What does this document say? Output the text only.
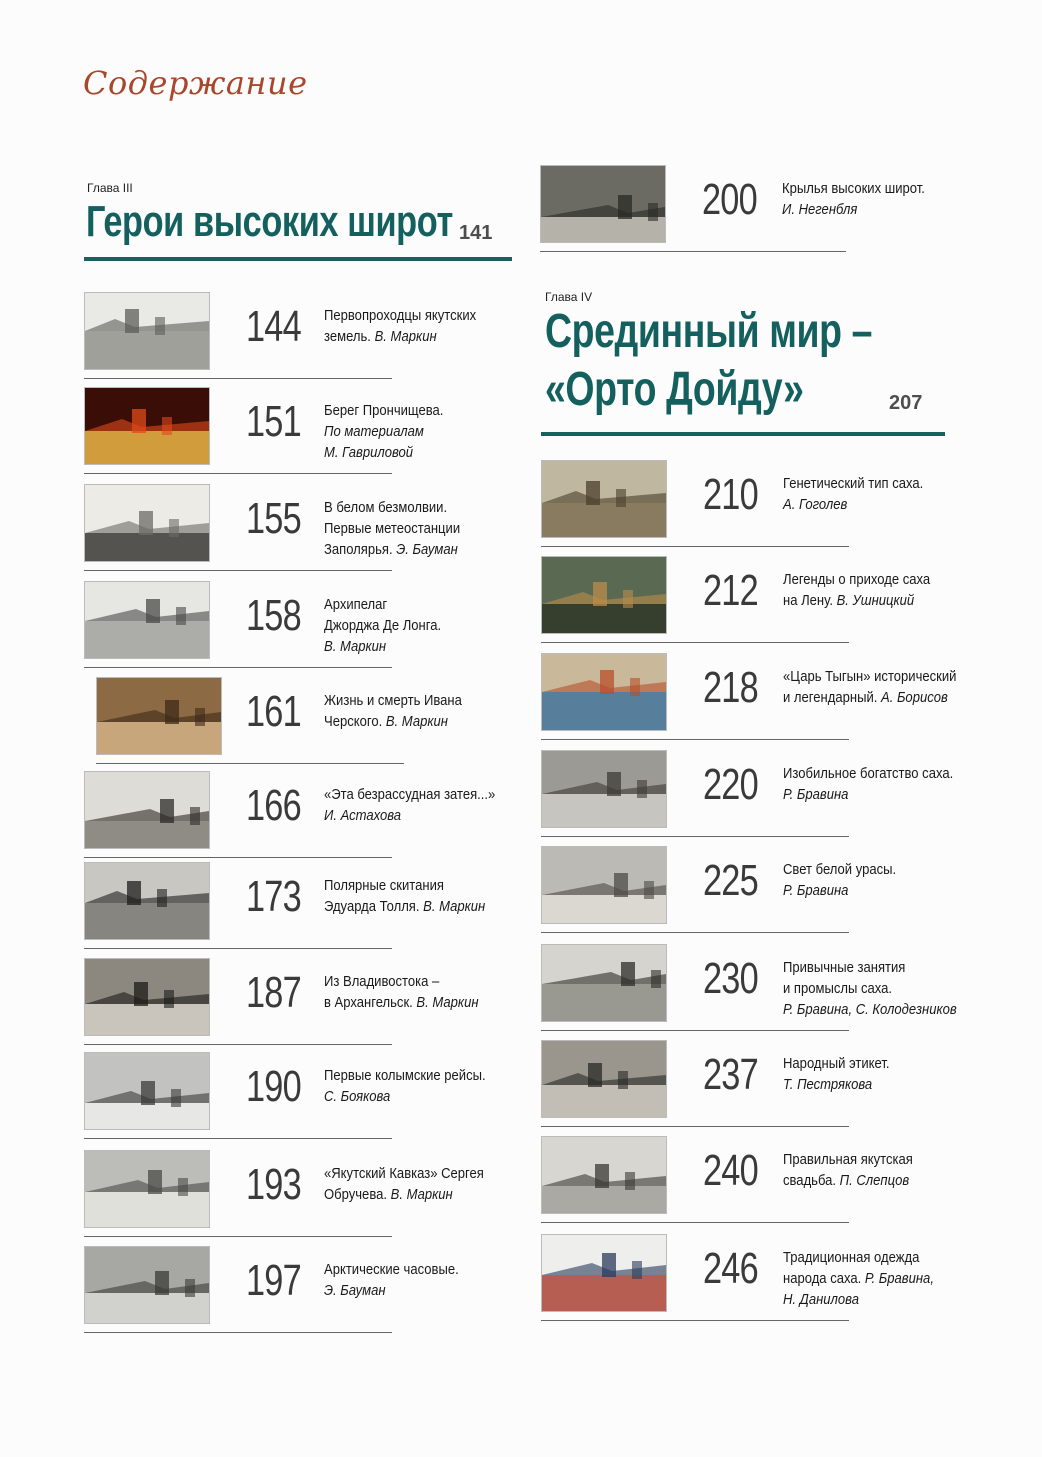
Содержание
Глава III
Герои высоких широт 141
Глава IV
Срединный мир –
«Орто Дойду»	207
144 Первопроходцы якутских
земель. В. Маркин
151 Берег Прончищева.
По материалам
М. Гавриловой
155 В белом безмолвии.
Первые метеостанции
Заполярья. Э. Бауман
158 Архипелаг
Джорджа Де Лонга.
В. Маркин
161 Жизнь и смерть Ивана
Черского. В. Маркин
166 «Эта безрассудная затея...»
И. Астахова
173 Полярные скитания
Эдуарда Толля. В. Маркин
187 Из Владивостока –
в Архангельск. В. Маркин
190 Первые колымские рейсы.
С. Боякова
193 «Якутский Кавказ» Сергея
Обручева. В. Маркин
197 Арктические часовые.
Э. Бауман
200 Крылья высоких широт.
И. Негенбля
210 Генетический тип саха.
А. Гоголев
212 Легенды о приходе саха
на Лену. В. Ушницкий
218 «Царь Тыгын» исторический
и легендарный. А. Борисов
220 Изобильное богатство саха.
Р. Бравина
225 Свет белой урасы.
Р. Бравина
230 Привычные занятия
и промыслы саха.
Р. Бравина, С. Колодезников
237 Народный этикет.
Т. Пестрякова
240 Правильная якутская
свадьба. П. Слепцов
246 Традиционная одежда
народа саха. Р. Бравина,
Н. Данилова
